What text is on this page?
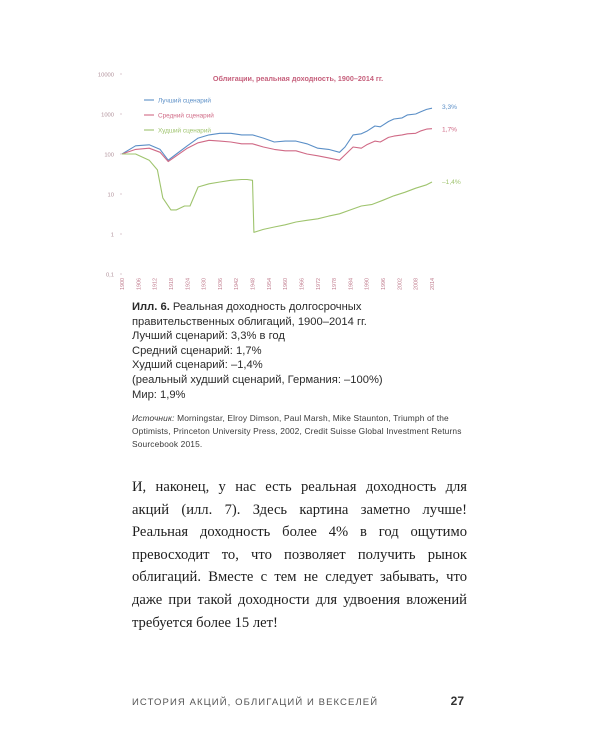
0,1
1
10
100
1000
10000
1900 1906 1912 1918 1924 1930 1936 1942 1948 1954 1960 1966 1972 1978 1984 1990 1996 2002 2008 2014
Облигации, реальная доходность, 1900–2014 гг.
Лучший сценарий
Средний сценарий
Худший сценарий
3,3%
1,7%
–1,4%
Илл. 6. Реальная доходность долгосрочных правительственных облигаций, 1900–2014 гг.
Лучший сценарий: 3,3% в год
Средний сценарий: 1,7%
Худший сценарий: –1,4%
(реальный худший сценарий, Германия: –100%)
Мир: 1,9%
Источник: Morningstar, Elroy Dimson, Paul Marsh, Mike Staunton, Triumph of the Optimists, Princeton University Press, 2002, Credit Suisse Global Investment Returns Sourcebook 2015.

И, наконец, у нас есть реальная доходность для акций (илл. 7). Здесь картина заметно лучше! Реальная доходность более 4% в год ощутимо превосходит то, что позволяет получить рынок облигаций. Вместе с тем не следует забывать, что даже при такой доходности для удвоения вложений требуется более 15 лет!

ИСТОРИЯ АКЦИЙ, ОБЛИГАЦИЙ И ВЕКСЕЛЕЙ	27
